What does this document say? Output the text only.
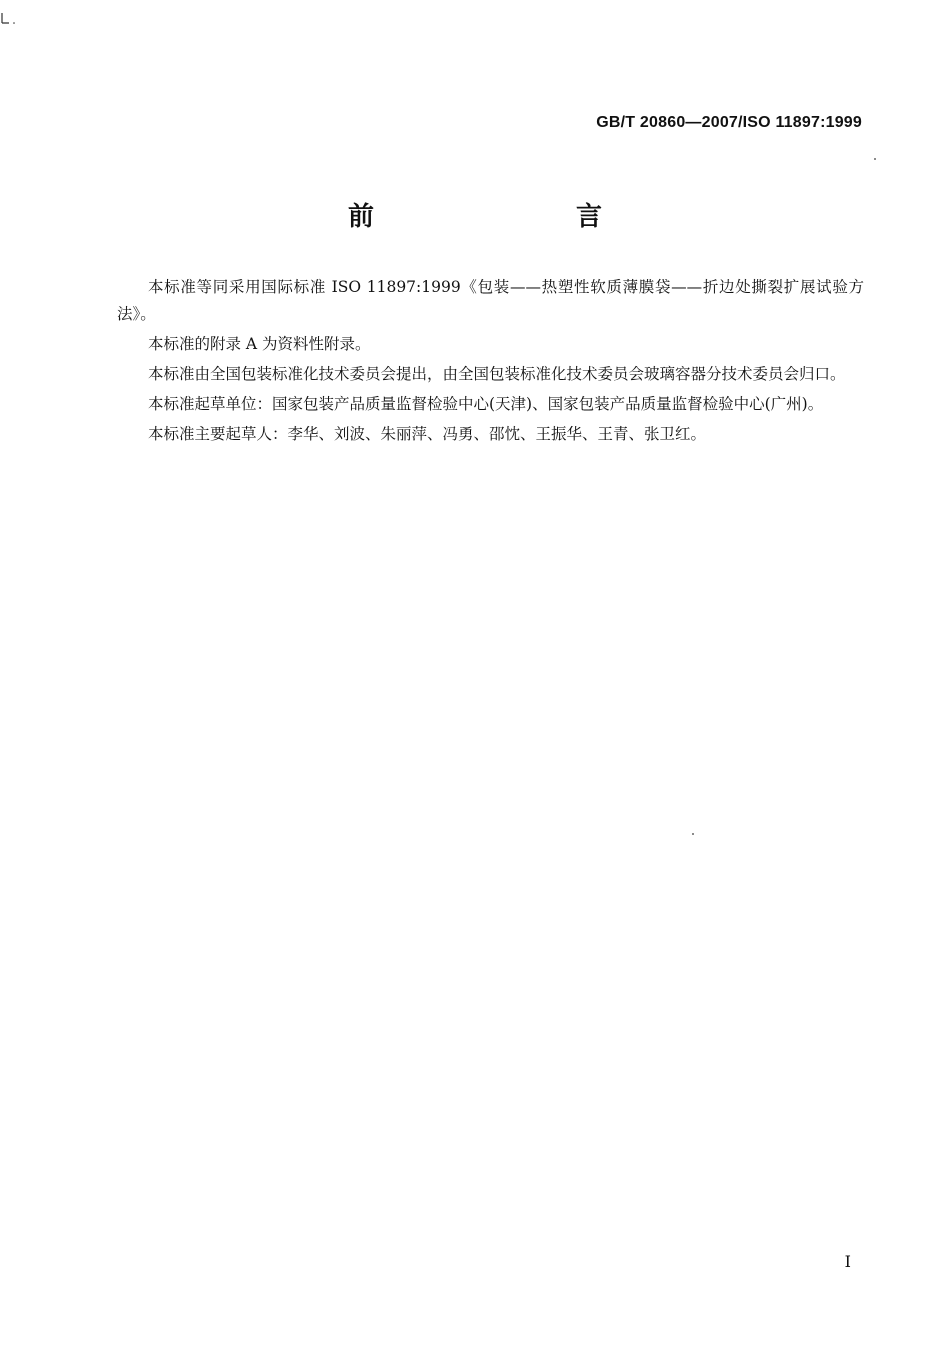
GB/T 20860—2007/ISO 11897:1999
前　　言

本标准等同采用国际标准 ISO 11897:1999《包装——热塑性软质薄膜袋——折边处撕裂扩展试验方法》。

本标准的附录 A 为资料性附录。

本标准由全国包装标准化技术委员会提出，由全国包装标准化技术委员会玻璃容器分技术委员会归口。

本标准起草单位：国家包装产品质量监督检验中心(天津)、国家包装产品质量监督检验中心(广州)。

本标准主要起草人：李华、刘波、朱丽萍、冯勇、邵忱、王振华、王青、张卫红。

I
